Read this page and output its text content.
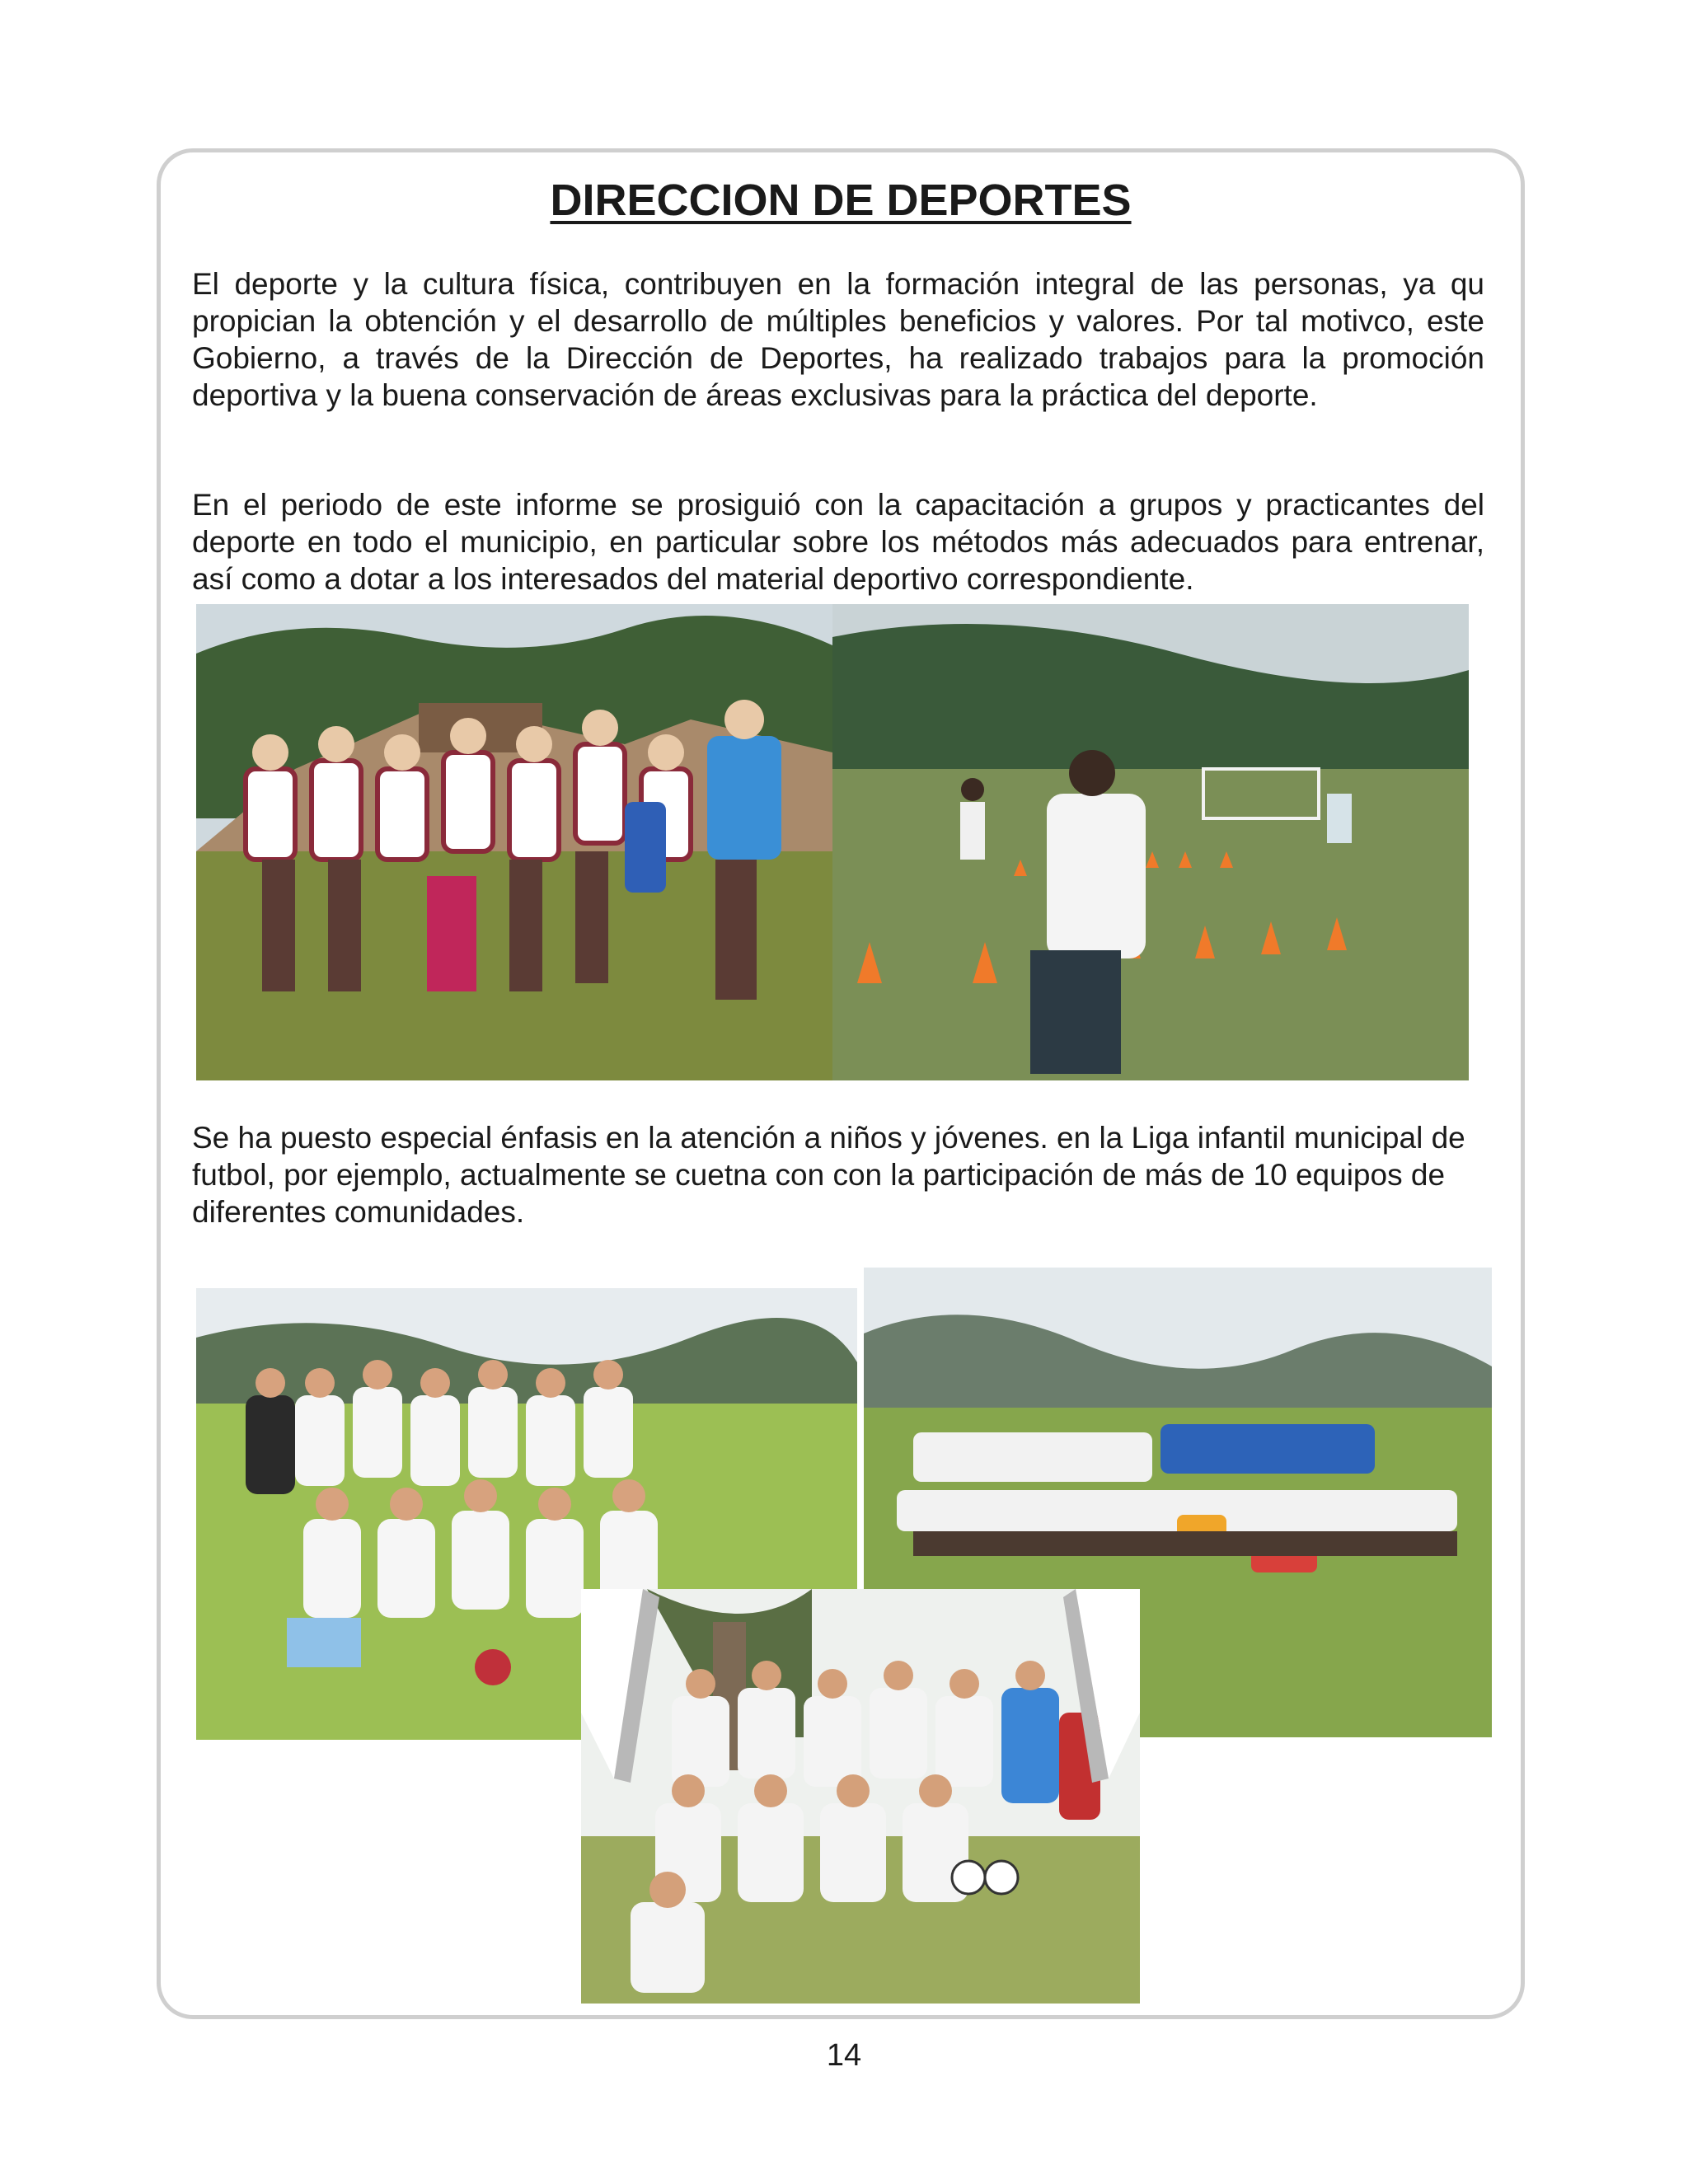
DIRECCION DE DEPORTES

El deporte y la cultura física, contribuyen en la formación integral de las personas, ya qu propician la obtención y el desarrollo de múltiples beneficios y valores. Por tal motivco, este Gobierno, a través de la Dirección de Deportes, ha realizado trabajos para la promoción deportiva y la buena conservación de áreas exclusivas para la práctica del deporte.

En el periodo de este informe se prosiguió con la capacitación a grupos y practicantes del deporte en todo el municipio, en particular sobre los métodos más adecuados para entrenar, así como a dotar a los interesados del material deportivo correspondiente.

Se ha puesto especial énfasis en la atención a niños y jóvenes. en la Liga infantil municipal de futbol, por ejemplo, actualmente se cuetna con con la participación de más de 10 equipos de diferentes comunidades.

14
